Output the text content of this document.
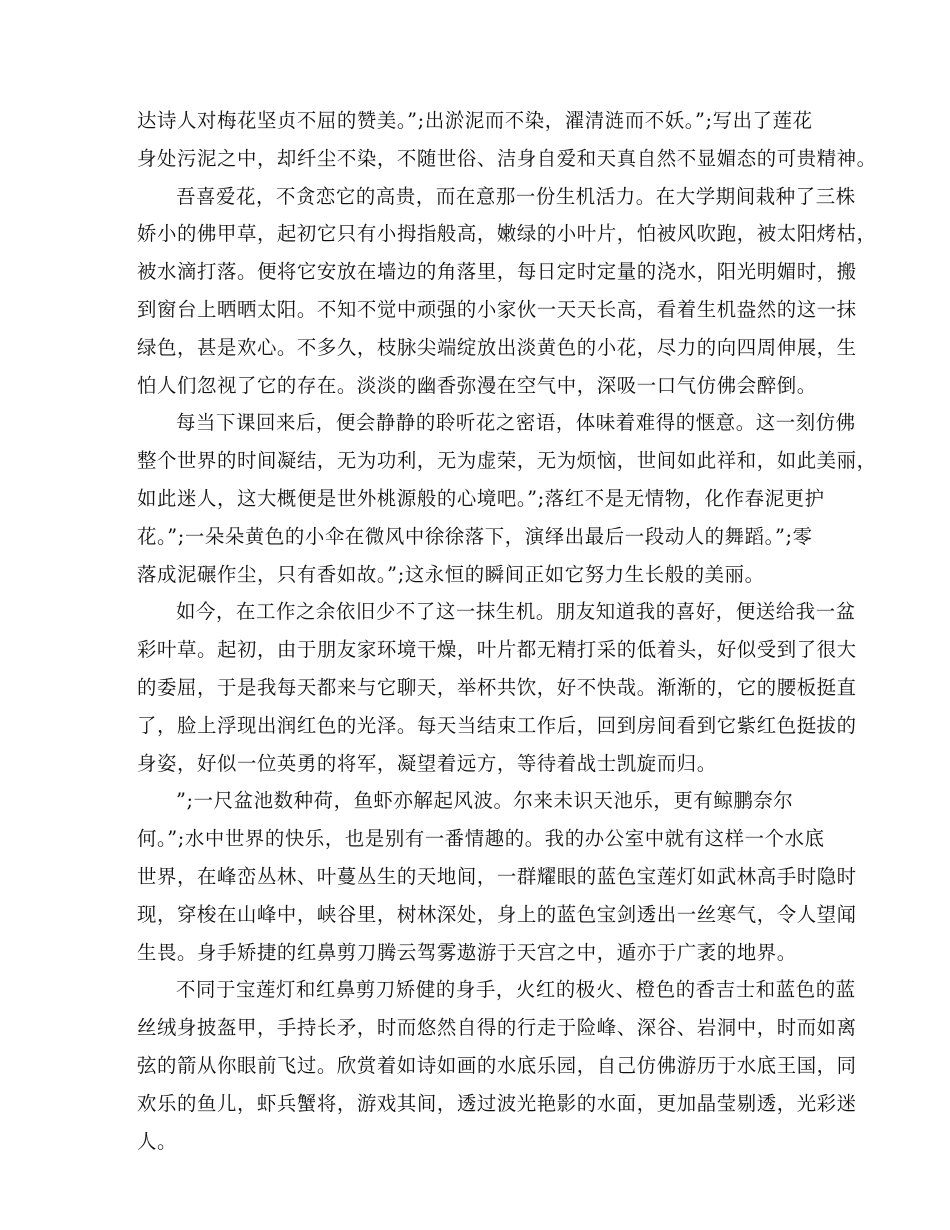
达诗人对梅花坚贞不屈的赞美。”;出淤泥而不染，濯清涟而不妖。”;写出了莲花
身处污泥之中，却纤尘不染，不随世俗、洁身自爱和天真自然不显媚态的可贵精神。
吾喜爱花，不贪恋它的高贵，而在意那一份生机活力。在大学期间栽种了三株
娇小的佛甲草，起初它只有小拇指般高，嫩绿的小叶片，怕被风吹跑，被太阳烤枯，
被水滴打落。便将它安放在墙边的角落里，每日定时定量的浇水，阳光明媚时，搬
到窗台上晒晒太阳。不知不觉中顽强的小家伙一天天长高，看着生机盎然的这一抹
绿色，甚是欢心。不多久，枝脉尖端绽放出淡黄色的小花，尽力的向四周伸展，生
怕人们忽视了它的存在。淡淡的幽香弥漫在空气中，深吸一口气仿佛会醉倒。
每当下课回来后，便会静静的聆听花之密语，体味着难得的惬意。这一刻仿佛
整个世界的时间凝结，无为功利，无为虚荣，无为烦恼，世间如此祥和，如此美丽，
如此迷人，这大概便是世外桃源般的心境吧。”;落红不是无情物，化作春泥更护
花。”;一朵朵黄色的小伞在微风中徐徐落下，演绎出最后一段动人的舞蹈。”;零
落成泥碾作尘，只有香如故。”;这永恒的瞬间正如它努力生长般的美丽。
如今，在工作之余依旧少不了这一抹生机。朋友知道我的喜好，便送给我一盆
彩叶草。起初，由于朋友家环境干燥，叶片都无精打采的低着头，好似受到了很大
的委屈，于是我每天都来与它聊天，举杯共饮，好不快哉。渐渐的，它的腰板挺直
了，脸上浮现出润红色的光泽。每天当结束工作后，回到房间看到它紫红色挺拔的
身姿，好似一位英勇的将军，凝望着远方，等待着战士凯旋而归。
”;一尺盆池数种荷，鱼虾亦解起风波。尔来未识天池乐，更有鲸鹏奈尔
何。”;水中世界的快乐，也是别有一番情趣的。我的办公室中就有这样一个水底
世界，在峰峦丛林、叶蔓丛生的天地间，一群耀眼的蓝色宝莲灯如武林高手时隐时
现，穿梭在山峰中，峡谷里，树林深处，身上的蓝色宝剑透出一丝寒气，令人望闻
生畏。身手矫捷的红鼻剪刀腾云驾雾遨游于天宫之中，遁亦于广袤的地界。
不同于宝莲灯和红鼻剪刀矫健的身手，火红的极火、橙色的香吉士和蓝色的蓝
丝绒身披盔甲，手持长矛，时而悠然自得的行走于险峰、深谷、岩洞中，时而如离
弦的箭从你眼前飞过。欣赏着如诗如画的水底乐园，自己仿佛游历于水底王国，同
欢乐的鱼儿，虾兵蟹将，游戏其间，透过波光艳影的水面，更加晶莹剔透，光彩迷
人。
